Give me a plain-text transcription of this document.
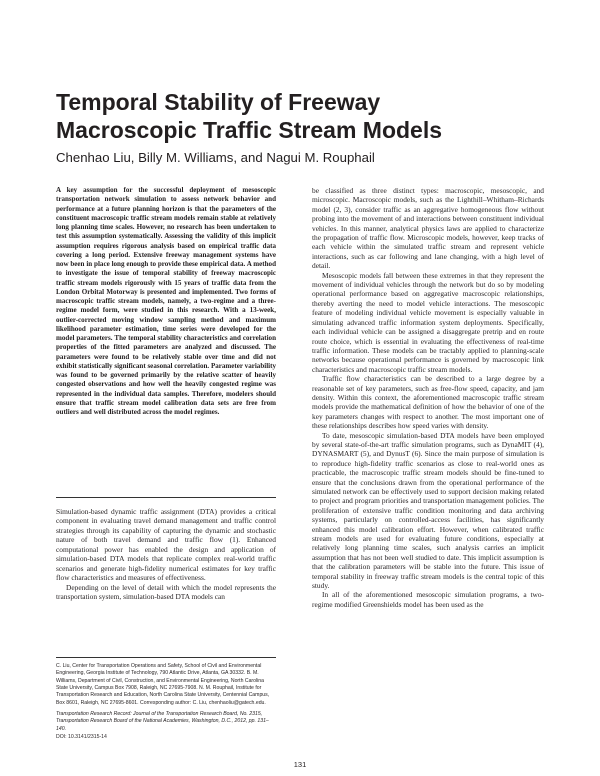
Temporal Stability of Freeway
Macroscopic Traffic Stream Models

Chenhao Liu, Billy M. Williams, and Nagui M. Rouphail

A key assumption for the successful deployment of mesoscopic transportation network simulation to assess network behavior and performance at a future planning horizon is that the parameters of the constituent macroscopic traffic stream models remain stable at relatively long planning time scales. However, no research has been undertaken to test this assumption systematically. Assessing the validity of this implicit assumption requires rigorous analysis based on empirical traffic data covering a long period. Extensive freeway management systems have now been in place long enough to provide these empirical data. A method to investigate the issue of temporal stability of freeway macroscopic traffic stream models rigorously with 15 years of traffic data from the London Orbital Motorway is presented and implemented. Two forms of macroscopic traffic stream models, namely, a two-regime and a three-regime model form, were studied in this research. With a 13-week, outlier-corrected moving window sampling method and maximum likelihood parameter estimation, time series were developed for the model parameters. The temporal stability characteristics and correlation properties of the fitted parameters are analyzed and discussed. The parameters were found to be relatively stable over time and did not exhibit statistically significant seasonal correlation. Parameter variability was found to be governed primarily by the relative scatter of heavily congested observations and how well the heavily congested regime was represented in the individual data samples. Therefore, modelers should ensure that traffic stream model calibration data sets are free from outliers and well distributed across the model regimes.

Simulation-based dynamic traffic assignment (DTA) provides a critical component in evaluating travel demand management and traffic control strategies through its capability of capturing the dynamic and stochastic nature of both travel demand and traffic flow (1). Enhanced computational power has enabled the design and application of simulation-based DTA models that replicate complex real-world traffic scenarios and generate high-fidelity numerical estimates for key traffic flow characteristics and measures of effectiveness.

Depending on the level of detail with which the model represents the transportation system, simulation-based DTA models can

C. Liu, Center for Transportation Operations and Safety, School of Civil and Environmental Engineering, Georgia Institute of Technology, 790 Atlantic Drive, Atlanta, GA 30332. B. M. Williams, Department of Civil, Construction, and Environmental Engineering, North Carolina State University, Campus Box 7908, Raleigh, NC 27695-7908. N. M. Rouphail, Institute for Transportation Research and Education, North Carolina State University, Centennial Campus, Box 8601, Raleigh, NC 27695-8601. Corresponding author: C. Liu, chenhaoliu@gatech.edu.

Transportation Research Record: Journal of the Transportation Research Board, No. 2315, Transportation Research Board of the National Academies, Washington, D.C., 2012, pp. 131–140.

DOI: 10.3141/2315-14

be classified as three distinct types: macroscopic, mesoscopic, and microscopic. Macroscopic models, such as the Lighthill–Whitham–Richards model (2, 3), consider traffic as an aggregative homogeneous flow without probing into the movement of and interactions between constituent individual vehicles. In this manner, analytical physics laws are applied to characterize the propagation of traffic flow. Microscopic models, however, keep tracks of each vehicle within the simulated traffic stream and represent vehicle interactions, such as car following and lane changing, with a high level of detail.

Mesoscopic models fall between these extremes in that they represent the movement of individual vehicles through the network but do so by modeling operational performance based on aggregative macroscopic relationships, thereby averting the need to model vehicle interactions. The mesoscopic feature of modeling individual vehicle movement is especially valuable in simulating advanced traffic information system deployments. Specifically, each individual vehicle can be assigned a disaggregate pretrip and en route route choice, which is essential in evaluating the effectiveness of real-time traffic information. These models can be tractably applied to planning-scale networks because operational performance is governed by macroscopic link characteristics and macroscopic traffic stream models.

Traffic flow characteristics can be described to a large degree by a reasonable set of key parameters, such as free-flow speed, capacity, and jam density. Within this context, the aforementioned macroscopic traffic stream models provide the mathematical definition of how the behavior of one of the key parameters changes with respect to another. The most important one of these relationships describes how speed varies with density.

To date, mesoscopic simulation-based DTA models have been employed by several state-of-the-art traffic simulation programs, such as DynaMIT (4), DYNASMART (5), and DynusT (6). Since the main purpose of simulation is to reproduce high-fidelity traffic scenarios as close to real-world ones as practicable, the macroscopic traffic stream models should be fine-tuned to ensure that the conclusions drawn from the operational performance of the simulated network can be effectively used to support decision making related to project and program priorities and transportation management policies. The proliferation of extensive traffic condition monitoring and data archiving systems, particularly on controlled-access facilities, has significantly enhanced this model calibration effort. However, when calibrated traffic stream models are used for evaluating future conditions, especially at relatively long planning time scales, such analysis carries an implicit assumption that has not been well studied to date. This implicit assumption is that the calibration parameters will be stable into the future. This issue of temporal stability in freeway traffic stream models is the central topic of this study.

In all of the aforementioned mesoscopic simulation programs, a two-regime modified Greenshields model has been used as the

131
